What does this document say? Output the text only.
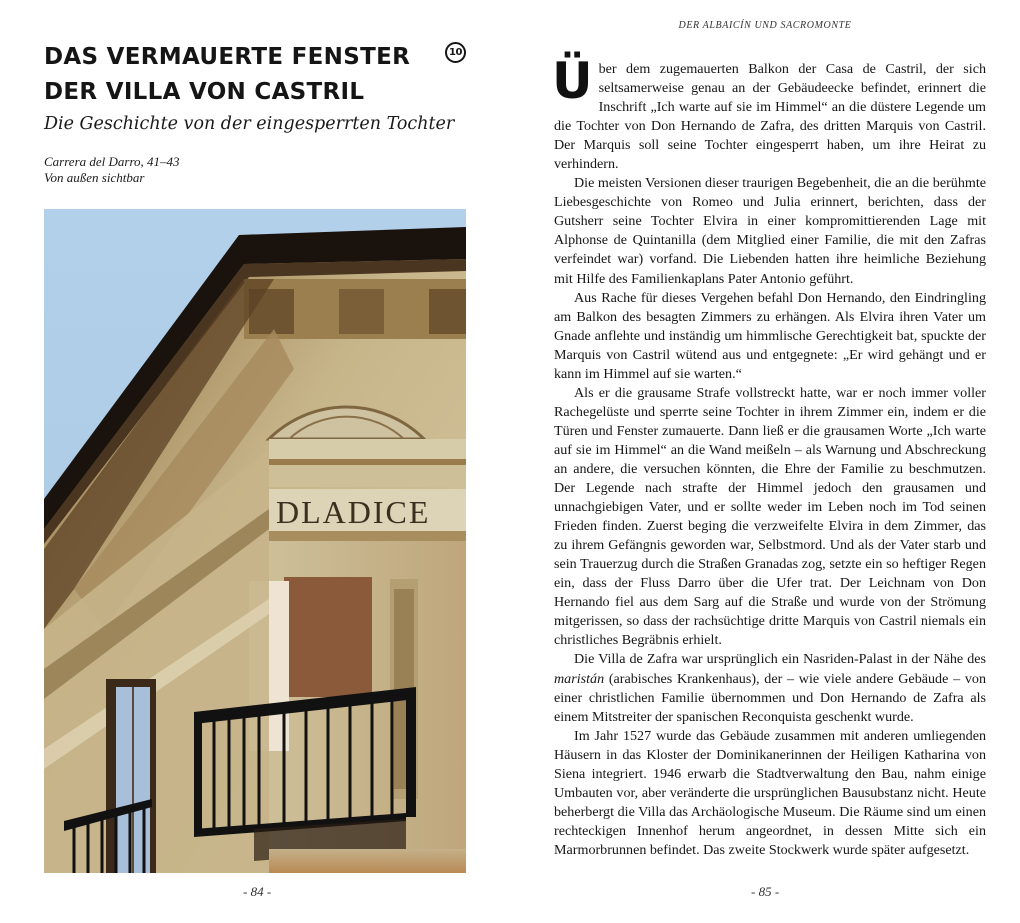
DAS VERMAUERTE FENSTER
DER VILLA VON CASTRIL
10
Die Geschichte von der eingesperrten Tochter
Carrera del Darro, 41–43
Von außen sichtbar
DLADICE
- 84 -
DER ALBAICÍN UND SACROMONTE

Über dem zugemauerten Balkon der Casa de Castril, der sich seltsamerweise genau an der Gebäudeecke befindet, erinnert die Inschrift „Ich warte auf sie im Himmel“ an die düstere Legende um die Tochter von Don Hernando de Zafra, des dritten Marquis von Castril. Der Marquis soll seine Tochter eingesperrt haben, um ihre Heirat zu verhindern.

Die meisten Versionen dieser traurigen Begebenheit, die an die berühmte Liebesgeschichte von Romeo und Julia erinnert, berichten, dass der Gutsherr seine Tochter Elvira in einer kompromittierenden Lage mit Alphonse de Quintanilla (dem Mitglied einer Familie, die mit den Zafras verfeindet war) vorfand. Die Liebenden hatten ihre heimliche Beziehung mit Hilfe des Familienkaplans Pater Antonio geführt.

Aus Rache für dieses Vergehen befahl Don Hernando, den Eindringling am Balkon des besagten Zimmers zu erhängen. Als Elvira ihren Vater um Gnade anflehte und inständig um himmlische Gerechtigkeit bat, spuckte der Marquis von Castril wütend aus und entgegnete: „Er wird gehängt und er kann im Himmel auf sie warten.“

Als er die grausame Strafe vollstreckt hatte, war er noch immer voller Rachegelüste und sperrte seine Tochter in ihrem Zimmer ein, indem er die Türen und Fenster zumauerte. Dann ließ er die grausamen Worte „Ich warte auf sie im Himmel“ an die Wand meißeln – als Warnung und Abschreckung an andere, die versuchen könnten, die Ehre der Familie zu beschmutzen. Der Legende nach strafte der Himmel jedoch den grausamen und unnachgiebigen Vater, und er sollte weder im Leben noch im Tod seinen Frieden finden. Zuerst beging die verzweifelte Elvira in dem Zimmer, das zu ihrem Gefängnis geworden war, Selbstmord. Und als der Vater starb und sein Trauerzug durch die Straßen Granadas zog, setzte ein so heftiger Regen ein, dass der Fluss Darro über die Ufer trat. Der Leichnam von Don Hernando fiel aus dem Sarg auf die Straße und wurde von der Strömung mitgerissen, so dass der rachsüchtige dritte Marquis von Castril niemals ein christliches Begräbnis erhielt.

Die Villa de Zafra war ursprünglich ein Nasriden-Palast in der Nähe des maristán (arabisches Krankenhaus), der – wie viele andere Gebäude – von einer christlichen Familie übernommen und Don Hernando de Zafra als einem Mitstreiter der spanischen Reconquista geschenkt wurde.

Im Jahr 1527 wurde das Gebäude zusammen mit anderen umliegenden Häusern in das Kloster der Dominikanerinnen der Heiligen Katharina von Siena integriert. 1946 erwarb die Stadtverwaltung den Bau, nahm einige Umbauten vor, aber veränderte die ursprünglichen Bausubstanz nicht. Heute beherbergt die Villa das Archäologische Museum. Die Räume sind um einen rechteckigen Innenhof herum angeordnet, in dessen Mitte sich ein Marmorbrunnen befindet. Das zweite Stockwerk wurde später aufgesetzt.

- 85 -
